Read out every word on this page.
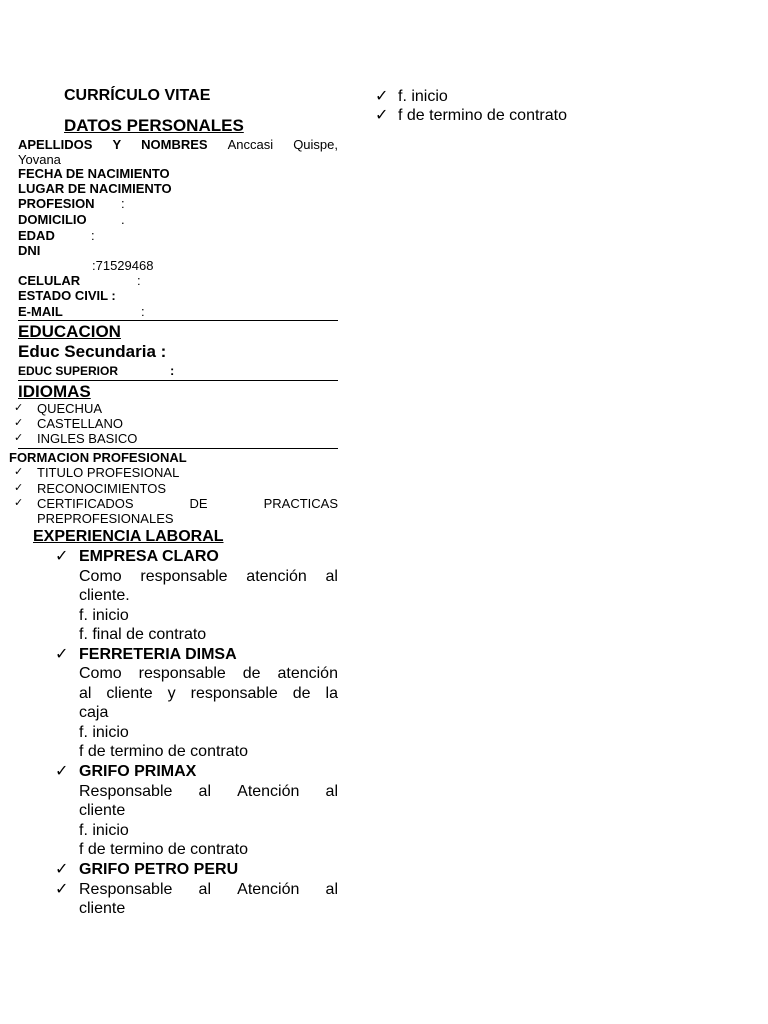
CURRÍCULO VITAE
DATOS PERSONALES
APELLIDOS Y NOMBRES Anccasi Quispe,
Yovana
FECHA DE NACIMIENTO
LUGAR DE NACIMIENTO
PROFESION :
DOMICILIO	.
EDAD	:
DNI
:71529468
CELULAR	:
ESTADO CIVIL :
E-MAIL	:
EDUCACION
Educ Secundaria :
EDUC SUPERIOR	:
IDIOMAS
✓ QUECHUA
✓ CASTELLANO
✓ INGLES BASICO
FORMACION PROFESIONAL
✓ TITULO PROFESIONAL
✓ RECONOCIMIENTOS
✓ CERTIFICADOS	DE	PRACTICAS
PREPROFESIONALES
EXPERIENCIA LABORAL
✓ EMPRESA CLARO
Como responsable atención al
cliente.
f. inicio
f. final de contrato
✓ FERRETERIA DIMSA
Como responsable de atención
al cliente y responsable de la
caja
f. inicio
f de termino de contrato
✓ GRIFO PRIMAX
Responsable al Atención al
cliente
f. inicio
f de termino de contrato
✓ GRIFO PETRO PERU
✓ Responsable al Atención al
cliente
✓ f. inicio
✓ f de termino de contrato
